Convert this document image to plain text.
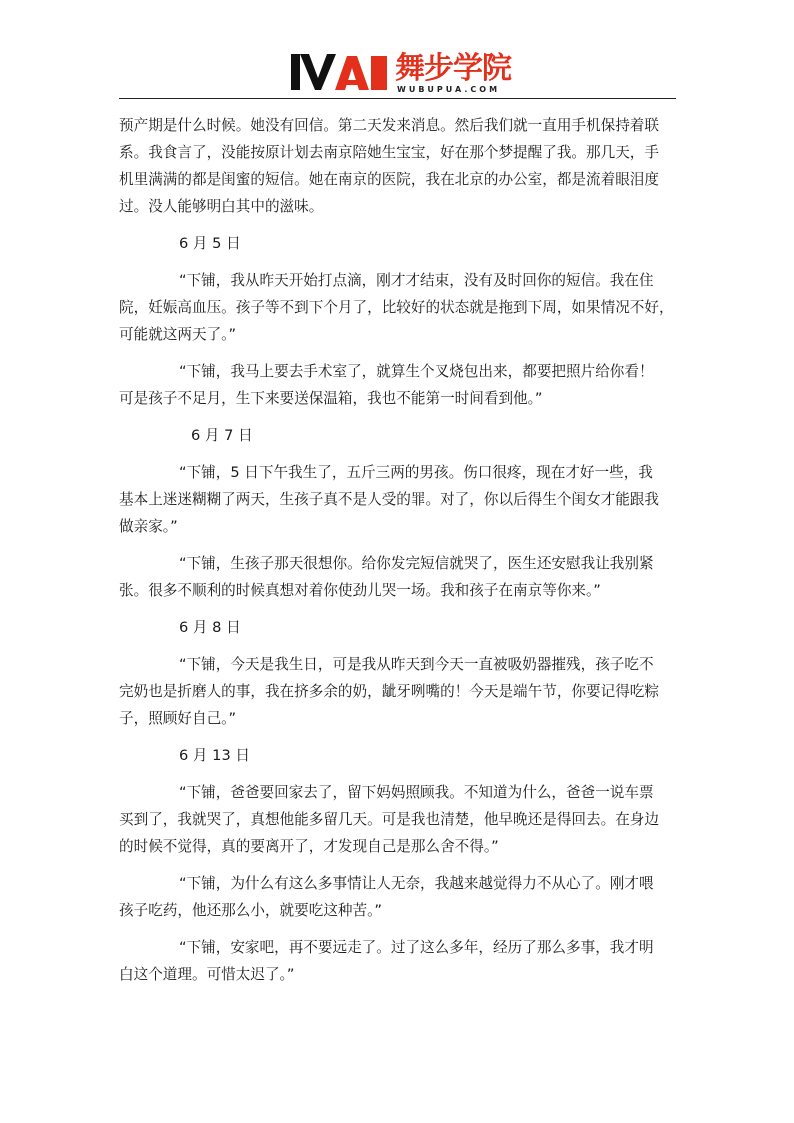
舞步学院
WUBUPUA.COM
预产期是什么时候。她没有回信。第二天发来消息。然后我们就一直用手机保持着联
系。我食言了，没能按原计划去南京陪她生宝宝，好在那个梦提醒了我。那几天，手
机里满满的都是闺蜜的短信。她在南京的医院，我在北京的办公室，都是流着眼泪度
过。没人能够明白其中的滋味。
6 月 5 日
“下铺，我从昨天开始打点滴，刚才才结束，没有及时回你的短信。我在住
院，妊娠高血压。孩子等不到下个月了，比较好的状态就是拖到下周，如果情况不好，
可能就这两天了。”
“下铺，我马上要去手术室了，就算生个叉烧包出来，都要把照片给你看！
可是孩子不足月，生下来要送保温箱，我也不能第一时间看到他。”
6 月 7 日
“下铺，5 日下午我生了，五斤三两的男孩。伤口很疼，现在才好一些，我
基本上迷迷糊糊了两天，生孩子真不是人受的罪。对了，你以后得生个闺女才能跟我
做亲家。”
“下铺，生孩子那天很想你。给你发完短信就哭了，医生还安慰我让我别紧
张。很多不顺利的时候真想对着你使劲儿哭一场。我和孩子在南京等你来。”
6 月 8 日
“下铺，今天是我生日，可是我从昨天到今天一直被吸奶器摧残，孩子吃不
完奶也是折磨人的事，我在挤多余的奶，龇牙咧嘴的！今天是端午节，你要记得吃粽
子，照顾好自己。”
6 月 13 日
“下铺，爸爸要回家去了，留下妈妈照顾我。不知道为什么，爸爸一说车票
买到了，我就哭了，真想他能多留几天。可是我也清楚，他早晚还是得回去。在身边
的时候不觉得，真的要离开了，才发现自己是那么舍不得。”
“下铺，为什么有这么多事情让人无奈，我越来越觉得力不从心了。刚才喂
孩子吃药，他还那么小，就要吃这种苦。”
“下铺，安家吧，再不要远走了。过了这么多年，经历了那么多事，我才明
白这个道理。可惜太迟了。”
